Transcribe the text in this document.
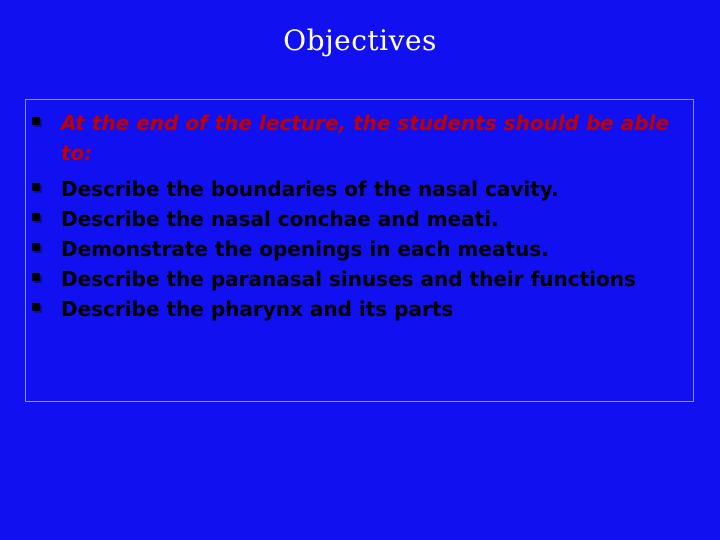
Objectives
At the end of the lecture, the students should be able to:
Describe the boundaries of the nasal cavity.
Describe the nasal conchae and meati.
Demonstrate the openings in each meatus.
Describe the paranasal sinuses and their functions
Describe the pharynx and its parts
